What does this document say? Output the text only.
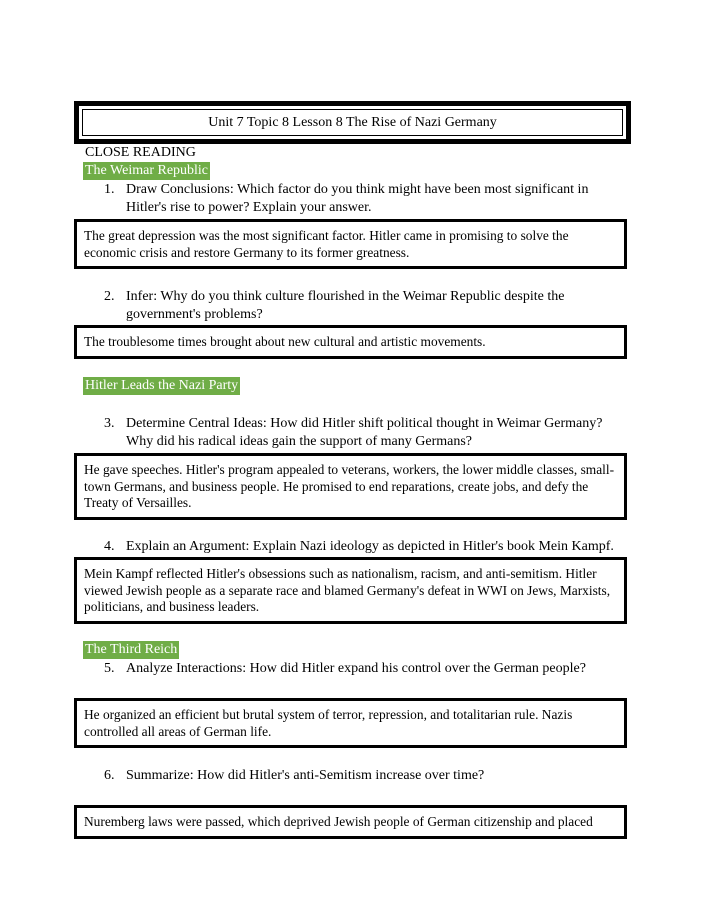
Unit 7 Topic 8 Lesson 8 The Rise of Nazi Germany
CLOSE READING
The Weimar Republic
1. Draw Conclusions: Which factor do you think might have been most significant in
Hitler's rise to power? Explain your answer.
The great depression was the most significant factor. Hitler came in promising to solve the economic crisis and restore Germany to its former greatness.
2. Infer: Why do you think culture flourished in the Weimar Republic despite the
government's problems?
The troublesome times brought about new cultural and artistic movements.
Hitler Leads the Nazi Party
3. Determine Central Ideas: How did Hitler shift political thought in Weimar Germany?
Why did his radical ideas gain the support of many Germans?
He gave speeches. Hitler's program appealed to veterans, workers, the lower middle classes, small-town Germans, and business people. He promised to end reparations, create jobs, and defy the Treaty of Versailles.
4. Explain an Argument: Explain Nazi ideology as depicted in Hitler's book Mein Kampf.
Mein Kampf reflected Hitler's obsessions such as nationalism, racism, and anti-semitism. Hitler viewed Jewish people as a separate race and blamed Germany's defeat in WWI on Jews, Marxists, politicians, and business leaders.
The Third Reich
5. Analyze Interactions: How did Hitler expand his control over the German people?
He organized an efficient but brutal system of terror, repression, and totalitarian rule. Nazis controlled all areas of German life.
6. Summarize: How did Hitler's anti-Semitism increase over time?
Nuremberg laws were passed, which deprived Jewish people of German citizenship and placed
